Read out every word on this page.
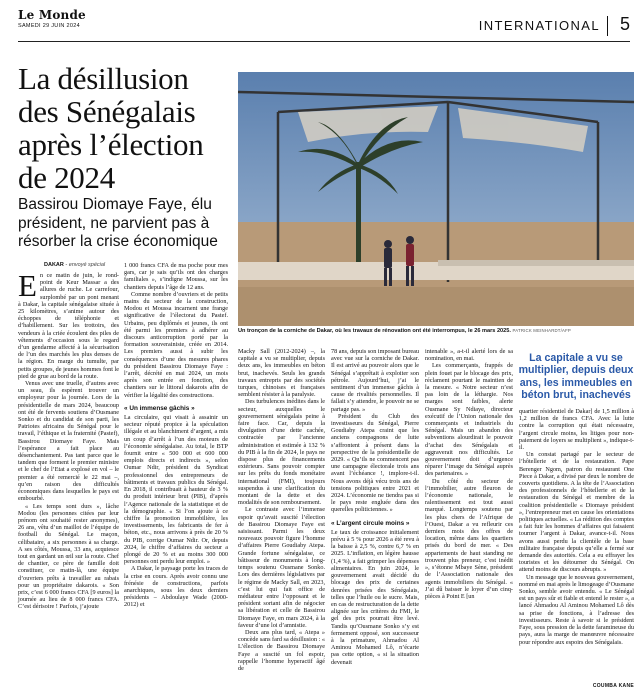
Le Monde
SAMEDI 29 JUIN 2024	INTERNATIONAL 5
La désillusion des Sénégalais après l’élection de 2024

Bassirou Diomaye Faye, élu président, ne parvient pas à résorber la crise économique

DAKAR - envoyé spécial
Un tronçon de la corniche de Dakar, où les travaux de rénovation ont été interrompus, le 26 mars 2025. PATRICK MEINHARDT/AFP
E n ce matin de juin, le rond-point de Keur Massar a des allures de ruche. Le carrefour, surplombé par un pont menant à Dakar, la capitale sénégalaise située à 25 kilomètres, s’anime autour des échoppes de téléphonie et d’habillement. Sur les trottoirs, des vendeurs à la criée écoulent des piles de vêtements d’occasion sous le regard d’un gendarme affecté à la sécurisation de l’un des marchés les plus denses de la région. En marge du tumulte, par petits groupes, de jeunes hommes font le pied de grue au bord de la route.

Venus avec une truelle, d’autres avec un seau, ils espèrent trouver un employeur pour la journée. Lors de la présidentielle de mars 2024, beaucoup ont été de fervents soutiens d’Ousmane Sonko et du candidat de son parti, les Patriotes africains du Sénégal pour le travail, l’éthique et la fraternité (Pastef), Bassirou Diomaye Faye. Mais l’espérance a fait place au désenchantement. Pas tant parce que le tandem que forment le premier ministre et le chef de l’Etat a explosé en vol – le premier a été remercié le 22 mai –, qu’en raison des difficultés économiques dans lesquelles le pays est embourbé.

« Les temps sont durs », lâche Modou (les personnes citées par leur prénom ont souhaité rester anonymes), 26 ans, vêtu d’un maillot de l’équipe de football du Sénégal. Le maçon, célibataire, a six personnes à sa charge. A ses côtés, Moussa, 33 ans, acquiesce tout en gardant un œil sur la route. Chef de chantier, ce père de famille doit constituer, ce matin-là, une équipe d’ouvriers prêts à travailler au rabais pour un propriétaire dakarois. « Son prix, c’est 6 000 francs CFA [9 euros] la journée au lieu de 8 000 francs CFA. C’est dérisoire ! Parfois, j’ajoute

1 000 francs CFA de ma poche pour mes gars, car je sais qu’ils ont des charges familiales », s’indigne Moussa, sur les chantiers depuis l’âge de 12 ans.

Comme nombre d’ouvriers et de petits mains du secteur de la construction, Modou et Moussa incarnent une frange significative de l’électorat du Pastef. Urbains, peu diplômés et jeunes, ils ont été parmi les premiers à adhérer au discours anticorruption porté par la formation souverainiste, créée en 2014. Les premiers aussi à subir les conséquences d’une des mesures phares du président Bassirou Diomaye Faye : l’arrêt, décrété en mai 2024, un mois après son entrée en fonction, des chantiers sur le littoral dakarois afin de vérifier la légalité des constructions.

« Un immense gâchis »

La circulaire, qui visait à assainir un secteur réputé propice à la spéculation illégale et au blanchiment d’argent, a mis un coup d’arrêt à l’un des moteurs de l’économie sénégalaise. Au total, le BTP fournit entre « 500 000 et 600 000 emplois directs et indirects », selon Oumar Ndir, président du Syndicat professionnel des entrepreneurs de bâtiments et travaux publics du Sénégal. En 2018, il contribuait à hauteur de 3 % du produit intérieur brut (PIB), d’après l’Agence nationale de la statistique et de la démographie. « Si l’on ajoute à ce chiffre la promotion immobilière, les investissements, les fabricants de fer à béton, etc., nous arrivons à près de 20 % du PIB, corrige Oumar Ndir. Or, depuis 2024, le chiffre d’affaires du secteur a plongé de 20 % et au moins 300 000 personnes ont perdu leur emploi. »

A Dakar, le paysage porte les traces de la crise en cours. Après avoir connu une frénésie de constructions, parfois anarchiques, sous les deux derniers présidents – Abdoulaye Wade (2000-2012) et

Macky Sall (2012-2024) –, la capitale a vu se multiplier, depuis deux ans, les immeubles en béton brut, inachevés. Seuls les grands travaux entrepris par des sociétés turques, chinoises et françaises semblent résister à la paralysie.

Des turbulences inédites dans le secteur, auxquelles le gouvernement sénégalais peine à faire face. Car, depuis la divulgation d’une dette cachée, contractée par l’ancienne administration et estimée à 132 % du PIB à la fin de 2024, le pays ne dispose plus de financements extérieurs. Sans pouvoir compter sur les prêts du fonds monétaire international (FMI), toujours suspendus à une clarification du montant de la dette et des modalités de son remboursement.

Le contraste avec l’immense espoir qu’avait suscité l’élection de Bassirou Diomaye Faye est saisissant. Parmi les deux nouveaux pouvoir figure l’homme d’affaires Pierre Goudiaby Atepa. Grande fortune sénégalaise, ce bâtisseur de monuments à long-temps soutenu Ousmane Sonko. Lors des dernières législatives par le régime de Macky Sall, en 2023, c’est lui qui fait office de médiateur entre l’opposant et le président sortant afin de négocier sa libération et celle de Bassirou Diomaye Faye, en mars 2024, à la faveur d’une loi d’amnistie.

Deux ans plus tard, « Atepa » concède sans fard sa désillusion : « L’élection de Bassirou Diomaye Faye a suscité un fol espoir, rappelle l’homme hyperactif âgé de

78 ans, depuis son imposant bureau avec vue sur la corniche de Dakar. Il est arrivé au pouvoir alors que le Sénégal s’apprêtait à exploiter son pétrole. Aujourd’hui, j’ai le sentiment d’un immense gâchis à cause de rivalités personnelles. Il fallait s’y attendre, le pouvoir ne se partage pas. »

Président du Club des investisseurs du Sénégal, Pierre Goudiaby Atepa craint que les anciens compagnons de lutte s’affrontent à présent dans la perspective de la présidentielle de 2029. « Qu’ils ne commencent pas une campagne électorale trois ans avant l’échéance !, implore-t-il. Nous avons déjà vécu trois ans de tensions politiques entre 2021 et 2024. L’économie ne tiendra pas si le pays reste engluée dans des querelles politiciennes. »

« L’argent circule moins »

Le taux de croissance initialement prévu à 5 % pour 2026 a été revu à la baisse à 2,5 %, contre 6,7 % en 2025. L’inflation, en légère hausse (1,4 %), a fait grimper les dépenses alimentaires. En juin 2024, le gouvernement avait décidé du blocage des prix de certaines denrées prisées des Sénégalais, telles que l’huile ou le sucre. Mais, en cas de restructuration de la dette alignée sur les critères du FMI, le gel des prix pourrait être levé. Tandis qu’Ousmane Sonko s’y est fermement opposé, son successeur à la primature, Ahmadou Al Aminou Mohamed Lô, n’écarte pas cette option, « si la situation devenait

intenable », a-t-il alerté lors de sa nomination, en mai.

Les commerçants, frappés de plein fouet par le blocage des prix, réclament pourtant le maintien de la mesure. « Notre secteur n’est pas loin de la léthargie. Nos marges sont faibles, alerte Ousmane Sy Ndiaye, directeur exécutif de l’Union nationale des commerçants et industriels du Sénégal. Mais un abandon des subventions alourdirait le pouvoir d’achat des Sénégalais et aggraverait nos difficultés. Le gouvernement doit d’urgence réparer l’image du Sénégal auprès des partenaires. »

Du côté du secteur de l’immobilier, autre fleuron de l’économie nationale, le ralentissement est tout aussi marqué. Longtemps soutenu par les plus chers de l’Afrique de l’Ouest, Dakar a vu refleurir ces derniers mois des offres de location, même dans les quartiers prisés du bord de mer. « Des appartements de haut standing ne trouvent plus preneur, c’est inédit », s’étonne Mbaye Sène, président de l’Association nationale des agents immobiliers du Sénégal. « J’ai dû baisser le loyer d’un cinq-pièces à Point E [un

La capitale a vu se multiplier, depuis deux ans, les immeubles en béton brut, inachevés

quartier résidentiel de Dakar] de 1,5 million à 1,2 million de francs CFA. Avec la lutte contre la corruption qui était nécessaire, l’argent circule moins, les litiges pour non-paiement de loyers se multiplient », indique-t-il.

Un constat partagé par le secteur de l’hôtellerie et de la restauration. Pape Berenger Ngom, patron du restaurant One Piece à Dakar, a divisé par deux le nombre de couverts quotidiens. A la tête de l’Association des professionnels de l’hôtellerie et de la restauration du Sénégal et membre de la coalition présidentielle « Diomaye président », l’entrepreneur met en cause les orientations politiques actuelles. « La rédition des comptes a fait fuir les hommes d’affaires qui faisaient tourner l’argent à Dakar, avance-t-il. Nous avons aussi perdu la clientèle de la base militaire française depuis qu’elle a fermé sur demande des autorités. Cela a eu effrayer les touristes et les détourner du Sénégal. On attend moins de discours abrupts. »

Un message que le nouveau gouvernement, nommé en mai après le limogeage d’Ousmane Sonko, semble avoir entendu. « Le Sénégal est un pays sûr et fiable et entend le rester », a lancé Ahmadou Al Aminou Mohamed Lô dès sa prise de fonctions, à l’adresse des investisseurs. Reste à savoir si le président Faye, sous pression de la dette faramineuse du pays, aura la marge de manœuvre nécessaire pour répondre aux espoirs des Sénégalais.

COUMBA KANE
